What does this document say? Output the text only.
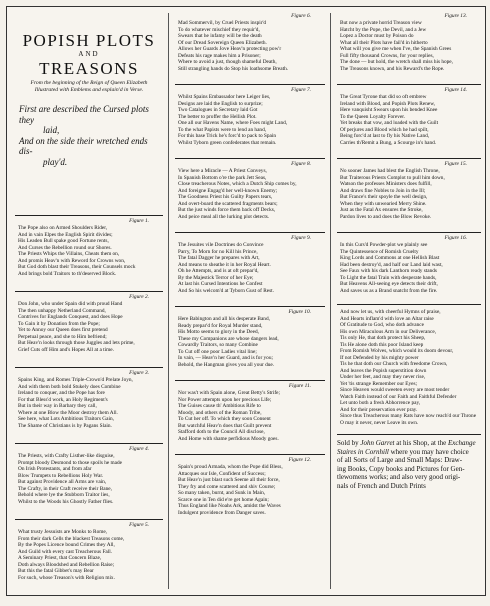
POPISH PLOTS
AND
TREASONS
From the beginning of the Reign of Queen Elizabeth
Illustrated with Emblems and explain'd in Verse.
First are described the Cursed plots they
laid,
And on the side their wretched ends dis-
play'd.
Figure 1.
The Pope also on Armed Shoulders Rider,
And in vain Elpes the English Spirit divides;
His Leaden Bull spake good Fortune rents,
And Curses the Rebellion round our Shores.
The Priests Whips the Villains, Cheats them on,
And promis Heav'n with Reword for Crowns won,
But God doth blast their Treasons, their Counsels mock
And brings bold Traitors to th'deserved Block.
Figure 2.
Don John, who under Spain did with proud Hand
The then unhappy Netherland Command,
Contrives for Englands Conquest, and does Hope
To Gain it by Donation from the Pope;
Yet to Annoy our Queen does first pretend
Perpetual peace, and she to Him befriend;
But Heav'n looks through those Juggles and lets prime,
Grief Cuts off Him and's Hopes All at a time.
Figure 3.
Spains King, and Romes Triple-Crown'd Prelate Joyn,
And with them both bold Stukely does Combine
Ireland to conquer, and the Pope has fore
For that Bless'd work, an Holy Regiment's
But in their way in Barbary they call,
Where at one Blow the Moor destroy them All.
See here, what Lots Ambitious Traitors Gain,
The Shame of Christians is by Pagans Slain.
Figure 4.
The Priests, with Crafty Listher-like disguise,
Prompt bloody Desmond to those spoils he made
On Irish Protestants, and from afar
Blow Trumpets to Rebellions Holy War.
But against Providence all Arms are vain,
The Crafty, in their Craft receive their Bane,
Behold where lye the Stubborn Traitor lies,
Whilst to the Woods his Ghostly Father flies.
Figure 5.
What trusty Jessuists are Monks to Rome,
From their dark Cells the blackest Treasons come,
By the Popes Licence bound Crimes they All,
And Guild with every cast Treacherous Fall.
A Seminary Priest, that Concern Blaze,
Doth always Bloodshed and Rebellion Raise;
But this the fatal Gibbet's may Bear
For such, whose Treason's with Religion mix.
Figure 6.
Mad Sommervil, by Cruel Priests inspir'd
To do whatever mischief they requir'd,
Swears that he infamy will be the death
Of our Dread Sovereign Queen Elizabeth.
Allows her Guards Jove Heav'n protecting pow'r
Defeats his rage makes him a Prisoner;
Where to avoid a just, though shameful Death,
Still strangling hands do Stop his loathsome Breath.
Figure 7.
Whilst Spains Embassador here Leiger lies,
Designs are laid the English to surprize;
Two Catalogues in Secretary laid Got
The better to proffer the Hellish Plot.
One all our Havens Name, where Foes might Land,
To the what Papists were to lend an hand,
For this base Trick he's forc'd to pack to Spain
Whilst Tyborn green confederates that remain.
Figure 8.
View here a Miracle — A Priest Conveys,
In Spanish Bottom o're the park Jett Seas,
Close treacherous Notes, which a Dutch Ship comes by,
And foreigne Engag'd her well-known Enemy;
The Goodness Priest his Guilty Papers tears,
And overt-board the scattered fragments bears;
But the just winds force them back off Decks,
And peice meal all the lurking plot detects.
Figure 9.
The Jesuites vile Doctrines do Convince
Parry, To Morn for no Kill his Prince,
The fatal Dagger he prepares with Art,
And means to sheathe it in her Royal Heart.
Oh he Attempts, and is at oft prepar'd,
By the Majestick Terror of her Eye;
At last his Cursed Intentions he Confest
And So his welcom'd at Tyborn Gust of Rest.
Figure 10.
Here Babington and all his desperate Band,
Ready prepar'd for Royal Murder stand,
His Motto seems to glory in the Deed,
These my Companions are whose dangers lead,
Cowardly Traitors, so many Combine
To Cut off one poor Ladies vital line;
In vain, — Heav'n her Guard, and is for you;
Behold, the Hangman gives you all your due.
Figure 11.
Nor was't with Spain alone, Great Betty's Strife;
Nor Power attempts upon her precious Life;
The Guises cause th' Ambitious Rife to
Moody, and others of the Roman Tribe,
To Cut her off. To which they soon Consent
But watchful Heav'n does that Guilt prevent
Stafford doth to the Council All disclose,
And Home with shame perfidious Moody goes.
Figure 12.
Spain's proud Armada, whom the Pope did Bless,
Attacques our Isle, Confident of Success;
But Heav'n just blast such Seeme all their force,
They fry and come scattered and shiv Course;
So many taken, burnt, and Sunk in Main,
Scarce one in Ten did e're get home Again;
Thus England like Noahs Ark, amidst the Waves
Indulgent providence from Danger saves.
Figure 13.
But now a private horrid Treason view
Hatcht by the Pope, the Devil, and a Jew
Lopez a Doctor must by Poison do
What all their Plots have fail'd in hitherto
What will you give me when I've, the Spanish Grees
Full fifty thousand Crowns, for your replies,
The done — but hold, the wretch shall miss his hope,
The Treasons known, and his Reward's the Rope.
Figure 14.
The Great Tyrone that did so oft embrew
Ireland with Blood, and Popish Plots Renew,
Here vanquisht Swears upon his bended Knee
To the Queen Loyalty Forever.
Yet breaks that vow, and loaded with the Guilt
Of perjures and Blood which he had spilt,
Being forc'd at last to fly his Native Land,
Carries th'Remit a Bung, a Scourge in's hand.
Figure 15.
No sooner James had blest the English Throne,
But Traiterous Priests Complot to pull him down,
Watson the professes Ministers does fulfill,
And draws fine Nobles to Join in the Ill;
But France's their spoyle the well design,
When they with unwearied Merry Shine.
Just as the Fatal Ax ensures the Stroke,
Pardon lives to and does the Blow Revoke.
Figure 16.
In this Curs'd Powder-plot we plainly see
The Quintessence of Romish Cruelty
King Lords and Commons at one Hellish Blast
Had been destroy'd, and half our Land laid wast,
See Faux with his dark Lanthorn ready stands
To Light the fatal Train with desperate hands,
But Heavens All-seeing eye detects their drift,
And saves us as a Brand snatcht from the fire.
And now let us, with cheerful Hymns of praise,
And Hearts inflam'd with love an Altar raise
Of Gratitude to God, who doth advance
His own Miraculous Arm in our Deliverance,
Tis only He, that doth protect his Sheep,
Tis He alone doth this poor Island keep
From Romish Wolves, which would its doom devour,
If not Defended by his mighty power
Tis he that doth our Church with freedome Crown,
And leaves the Popish superstition down
Under her feet, and may they never rise,
Yet 'tis strange Remember our Eyes;
Since Heaven would sweeten every are most tender
Watch Faith instead of our Faith and Faithful Defender
Let unto both a fresh Abhorrence pay,
And for their preservation ever pray.
Since thus Treacherous many Rats have now reach'd our Throne
O may it never, never Leave its own.
Sold by John Garret at his Shop, at the Exchange
Staires in Cornhill where you may have choice
of all Sorts of Large and Small Maps: Draw-
ing Books, Copy books and Pictures for Gen-
tlewomens works; and also very good origi-
nals of French and Dutch Prints
